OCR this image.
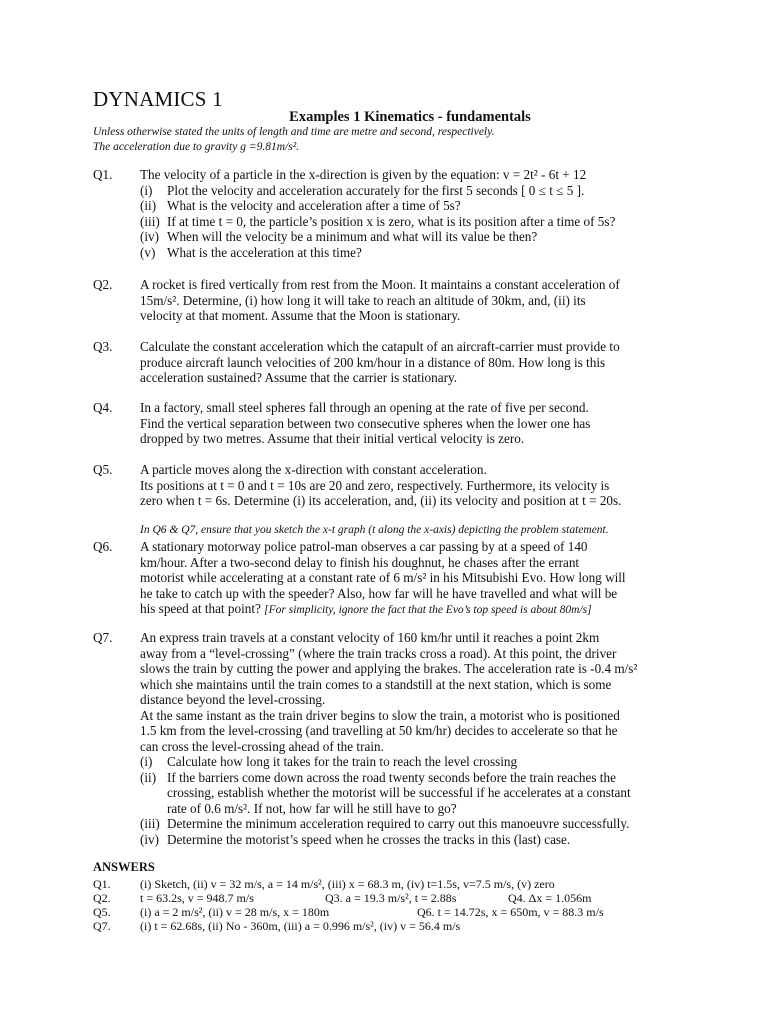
DYNAMICS 1
Examples 1 Kinematics - fundamentals
Unless otherwise stated the units of length and time are metre and second, respectively.
The acceleration due to gravity g =9.81m/s².
Q1. The velocity of a particle in the x-direction is given by the equation: v = 2t² - 6t + 12
(i)	Plot the velocity and acceleration accurately for the first 5 seconds [ 0 ≤ t ≤ 5 ].
(ii) What is the velocity and acceleration after a time of 5s?
(iii) If at time t = 0, the particle’s position x is zero, what is its position after a time of 5s?
(iv) When will the velocity be a minimum and what will its value be then?
(v) What is the acceleration at this time?
Q2. A rocket is fired vertically from rest from the Moon. It maintains a constant acceleration of
15m/s². Determine, (i) how long it will take to reach an altitude of 30km, and, (ii) its
velocity at that moment. Assume that the Moon is stationary.
Q3. Calculate the constant acceleration which the catapult of an aircraft-carrier must provide to
produce aircraft launch velocities of 200 km/hour in a distance of 80m. How long is this
acceleration sustained? Assume that the carrier is stationary.
Q4. In a factory, small steel spheres fall through an opening at the rate of five per second.
Find the vertical separation between two consecutive spheres when the lower one has
dropped by two metres. Assume that their initial vertical velocity is zero.
Q5. A particle moves along the x-direction with constant acceleration.
Its positions at t = 0 and t = 10s are 20 and zero, respectively. Furthermore, its velocity is
zero when t = 6s. Determine (i) its acceleration, and, (ii) its velocity and position at t = 20s.
In Q6 & Q7, ensure that you sketch the x-t graph (t along the x-axis) depicting the problem statement.
Q6. A stationary motorway police patrol-man observes a car passing by at a speed of 140
km/hour. After a two-second delay to finish his doughnut, he chases after the errant
motorist while accelerating at a constant rate of 6 m/s² in his Mitsubishi Evo. How long will
he take to catch up with the speeder? Also, how far will he have travelled and what will be
his speed at that point? [For simplicity, ignore the fact that the Evo’s top speed is about 80m/s]
Q7. An express train travels at a constant velocity of 160 km/hr until it reaches a point 2km
away from a “level-crossing” (where the train tracks cross a road). At this point, the driver
slows the train by cutting the power and applying the brakes. The acceleration rate is -0.4 m/s²
which she maintains until the train comes to a standstill at the next station, which is some
distance beyond the level-crossing.
At the same instant as the train driver begins to slow the train, a motorist who is positioned
1.5 km from the level-crossing (and travelling at 50 km/hr) decides to accelerate so that he
can cross the level-crossing ahead of the train.
(i)	Calculate how long it takes for the train to reach the level crossing
(ii) If the barriers come down across the road twenty seconds before the train reaches the
crossing, establish whether the motorist will be successful if he accelerates at a constant
rate of 0.6 m/s². If not, how far will he still have to go?
(iii) Determine the minimum acceleration required to carry out this manoeuvre successfully.
(iv) Determine the motorist’s speed when he crosses the tracks in this (last) case.
ANSWERS
Q1. (i) Sketch, (ii) v = 32 m/s, a = 14 m/s², (iii) x = 68.3 m, (iv) t=1.5s, v=7.5 m/s, (v) zero
Q2. t = 63.2s, v = 948.7 m/s	Q3. a = 19.3 m/s², t = 2.88s	Q4. Δx = 1.056m
Q5. (i) a = 2 m/s², (ii) v = 28 m/s, x = 180m	Q6. t = 14.72s, x = 650m, v = 88.3 m/s
Q7. (i) t = 62.68s, (ii) No - 360m, (iii) a = 0.996 m/s², (iv) v = 56.4 m/s
